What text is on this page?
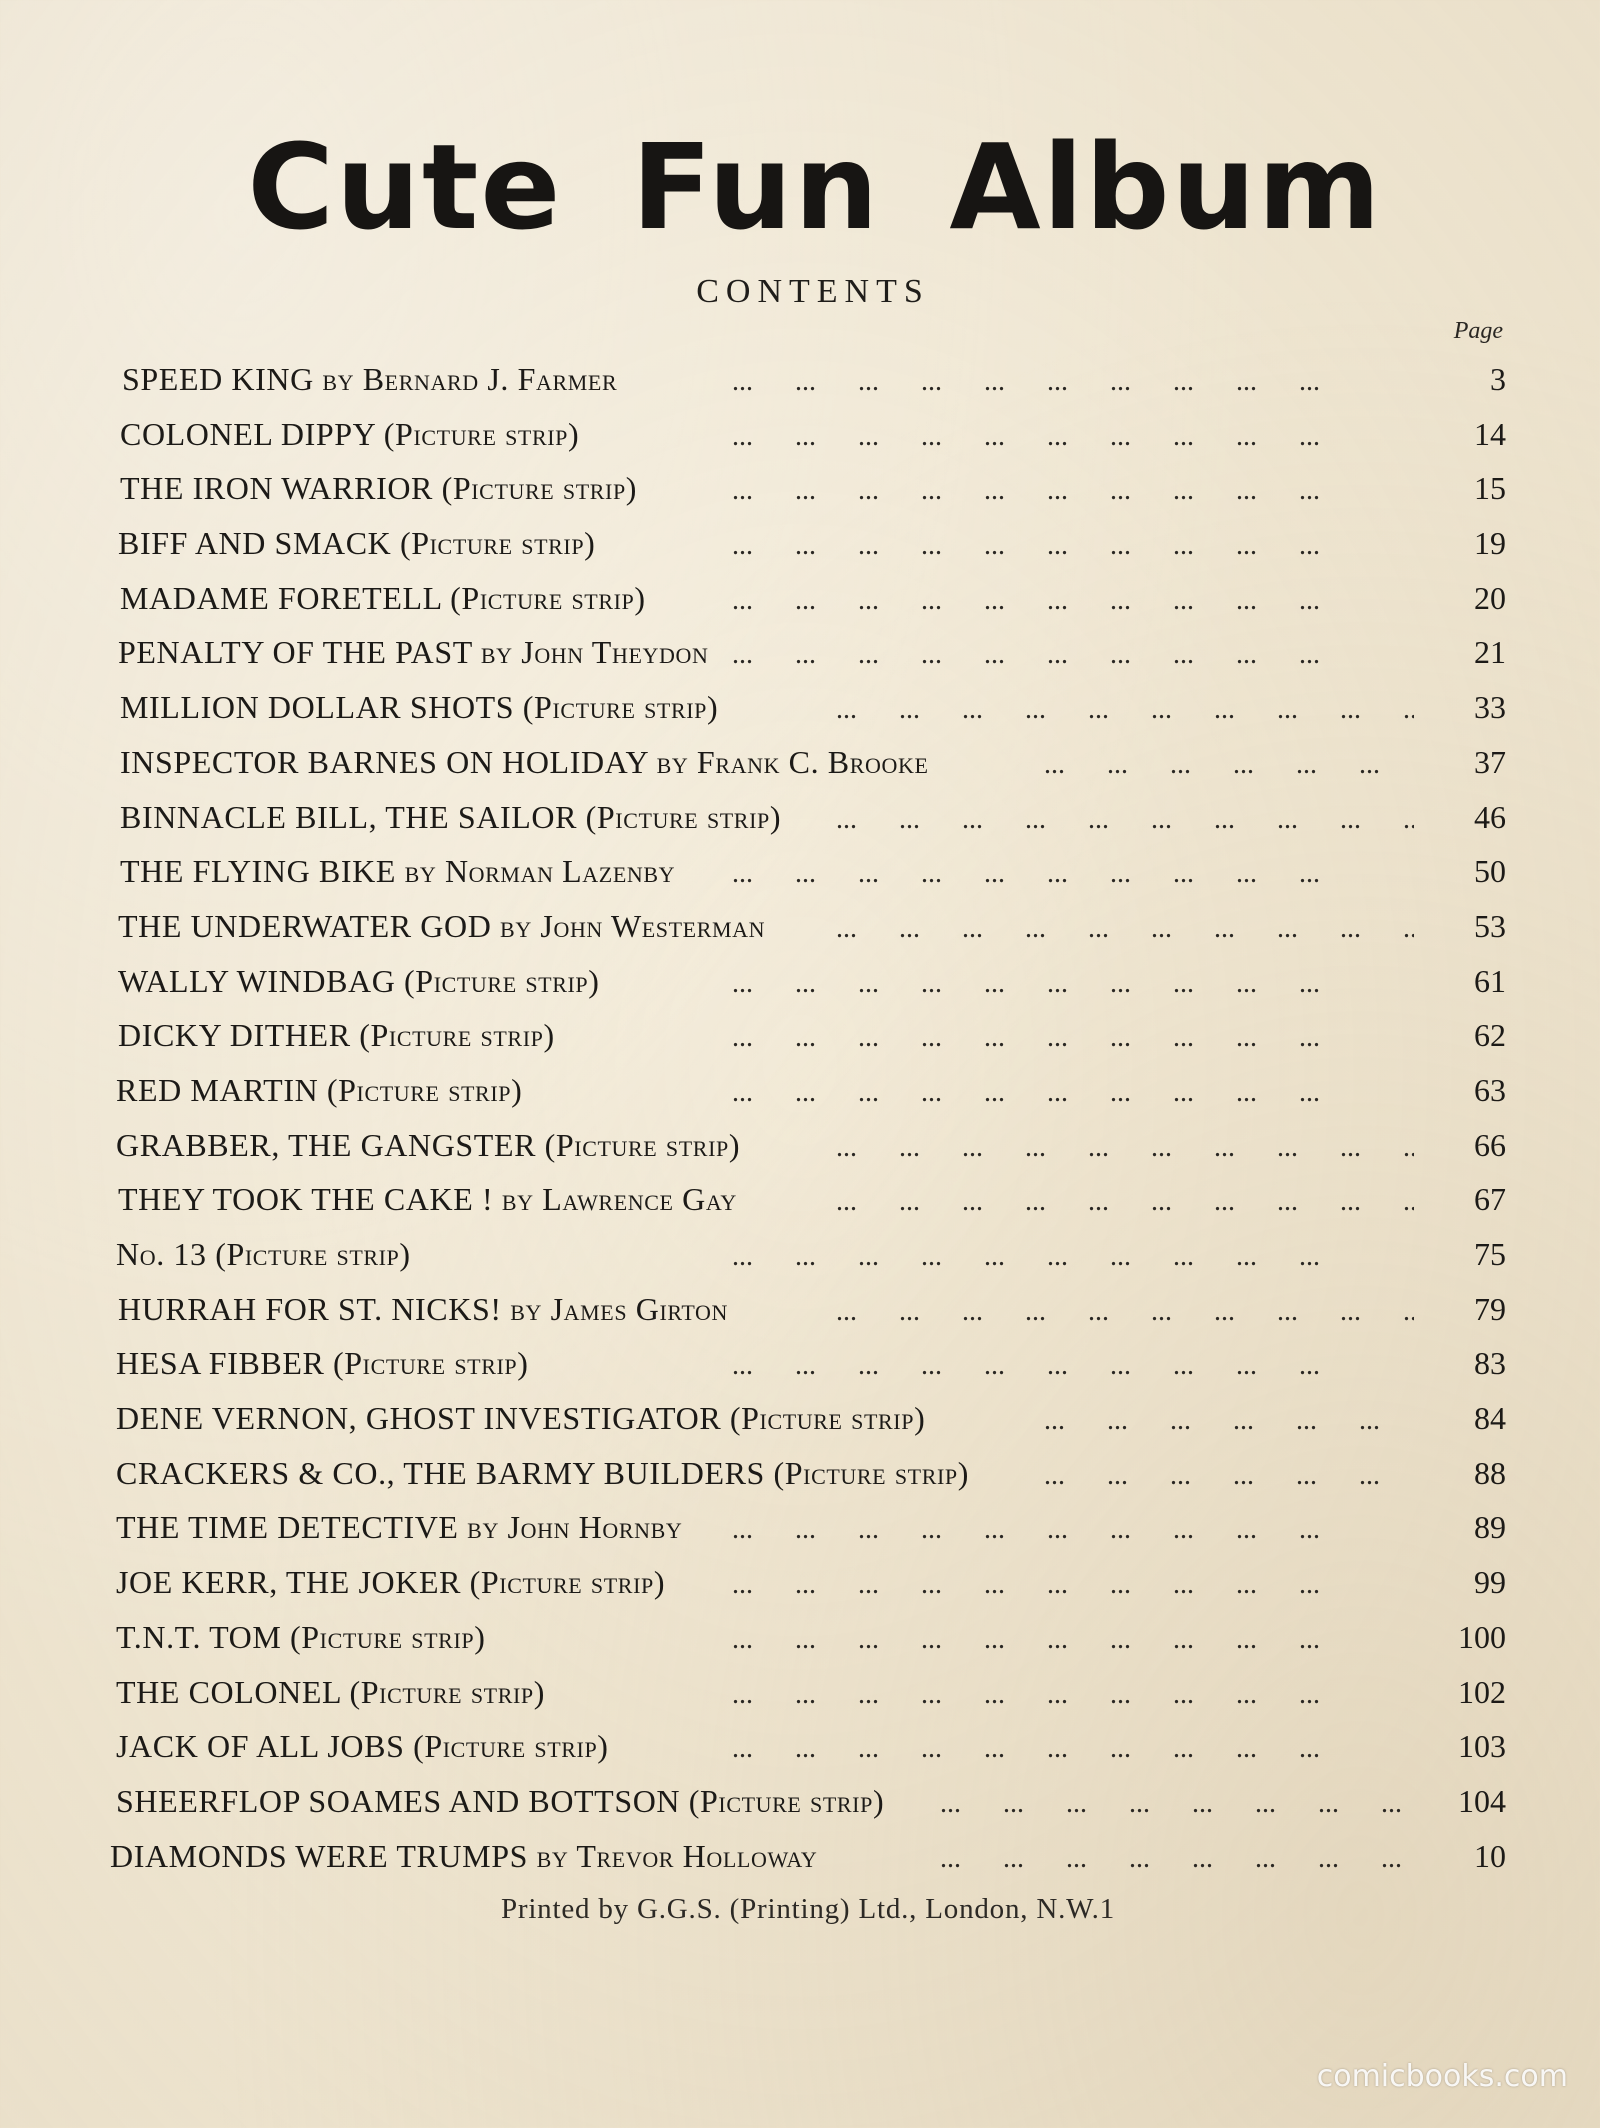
Cute Fun Album
CONTENTS
Page
...
SPEED KING by Bernard J. Farmer	3
...
COLONEL DIPPY (Picture strip)	14
...
THE IRON WARRIOR (Picture strip)	15
...
BIFF AND SMACK (Picture strip)	19
...
MADAME FORETELL (Picture strip)	20
...
PENALTY OF THE PAST by John Theydon	21
...
MILLION DOLLAR SHOTS (Picture strip)	33
...
INSPECTOR BARNES ON HOLIDAY by Frank C. Brooke	37
...
BINNACLE BILL, THE SAILOR (Picture strip)	46
...
THE FLYING BIKE by Norman Lazenby	50
...
THE UNDERWATER GOD by John Westerman	53
...
WALLY WINDBAG (Picture strip)	61
...
DICKY DITHER (Picture strip)	62
...
RED MARTIN (Picture strip)	63
...
GRABBER, THE GANGSTER (Picture strip)	66
...
THEY TOOK THE CAKE ! by Lawrence Gay	67
...
No. 13 (Picture strip)	75
...
HURRAH FOR ST. NICKS! by James Girton	79
...
HESA FIBBER (Picture strip)	83
...
DENE VERNON, GHOST INVESTIGATOR (Picture strip)	84
...
CRACKERS & CO., THE BARMY BUILDERS (Picture strip)	88
...
THE TIME DETECTIVE by John Hornby	89
...
JOE KERR, THE JOKER (Picture strip)	99
...
T.N.T. TOM (Picture strip)	100
...
THE COLONEL (Picture strip)	102
...
JACK OF ALL JOBS (Picture strip)	103
...
SHEERFLOP SOAMES AND BOTTSON (Picture strip)	104
...
DIAMONDS WERE TRUMPS by Trevor Holloway	10
Printed by G.G.S. (Printing) Ltd., London, N.W.1
comicbooks.com
